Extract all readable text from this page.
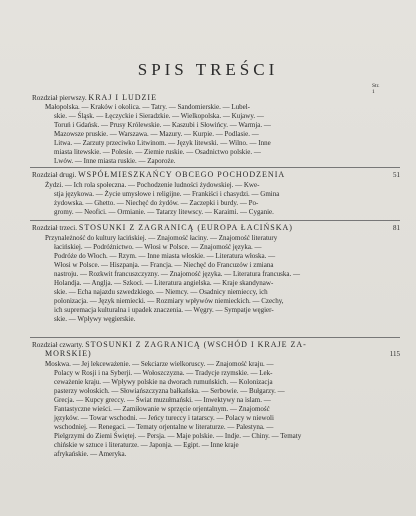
SPIS TREŚCI
Str.
1
Rozdział pierwszy. KRAJ I LUDZIE
Małopolska. — Kraków i okolica. — Tatry. — Sandomierskie. — Lubel-
skie. — Śląsk. — Łęczyckie i Sieradzkie. — Wielkopolska. — Kujawy. —
Toruń i Gdańsk. — Prusy Królewskie. — Kaszubi i Słowińcy. — Warmja. —
Mazowsze pruskie. — Warszawa. — Mazury. — Kurpie. — Podlasie. —
Litwa. — Zarzuty przeciwko Litwinom. — Język litewski. — Wilno. — Inne
miasta litewskie. — Polesie. — Ziemie ruskie. — Osadnictwo polskie. —
Lwów. — Inne miasta ruskie. — Zaporoże.
Rozdział drugi. WSPÓŁMIESZKAŃCY OBCEGO POCHODZENIA	51
Żydzi. — Ich rola społeczna. — Pochodzenie ludności żydowskiej. — Kwe-
stja językowa. — Życie umysłowe i religijne. — Frankiści i chasydzi. — Gmina
żydowska. — Ghetto. — Niechęć do żydów. — Zaczepki i burdy. — Po-
gromy. — Neofici. — Ormianie. — Tatarzy litewscy. — Karaimi. — Cyganie.
Rozdział trzeci. STOSUNKI Z ZAGRANICĄ (EUROPA ŁACIŃSKA)	81
Przynależność do kultury łacińskiej. — Znajomość łaciny. — Znajomość literatury
łacińskiej. — Podróżnictwo. — Włosi w Polsce. — Znajomość języka. —
Podróże do Włoch. — Rzym. — Inne miasta włoskie. — Literatura włoska. —
Włosi w Polsce. — Hiszpanja. — Francja. — Niechęć do Francuzów i zmiana
nastroju. — Rozkwit francuszczyzny. — Znajomość języka. — Literatura francuska. —
Holandja. — Anglja. — Szkoci. — Literatura angielska. — Kraje skandynaw-
skie. — Echa najazdu szwedzkiego. — Niemcy. — Osadnicy niemieccy, ich
polonizacja. — Język niemiecki. — Rozmiary wpływów niemieckich. — Czechy,
ich supremacja kulturalna i upadek znaczenia. — Węgry. — Sympatje węgier-
skie. — Wpływy węgierskie.
Rozdział czwarty. STOSUNKI Z ZAGRANICĄ (WSCHÓD I KRAJE ZA-
MORSKIE)	115
Moskwa. — Jej lekceważenie. — Sekciarze wielkoruscy. — Znajomość kraju. —
Polacy w Rosji i na Syberji. — Wołoszczyzna. — Tradycje rzymskie. — Lek-
ceważenie kraju. — Wpływy polskie na dworach rumuńskich. — Kolonizacja
pasterzy wołoskich. — Słowiańszczyzna bałkańska. — Serbowie. — Bułgarzy. —
Grecja. — Kupcy greccy. — Świat muzułmański. — Inwektywy na islam. —
Fantastyczne wieści. — Zamiłowanie w sprzęcie orjentalnym. — Znajomość
języków. — Towar wschodni. — Jeńcy tureccy i tatarscy. — Polacy w niewoli
wschodniej. — Renegaci. — Tematy orjentalne w literaturze. — Palestyna. —
Pielgrzymi do Ziemi Świętej. — Persja. — Maje polskie. — Indje. — Chiny. — Tematy
chińskie w sztuce i literaturze. — Japonja. — Egipt. — Inne kraje
afrykańskie. — Ameryka.
